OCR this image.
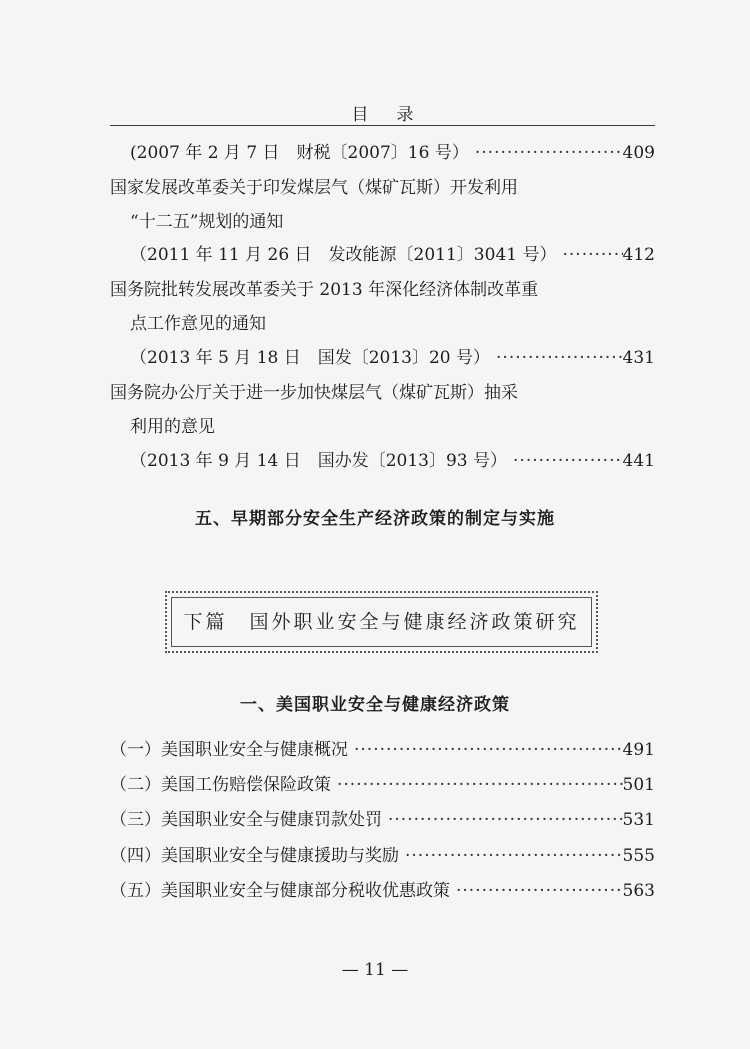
目录
(2007 年 2 月 7 日　财税〔2007〕16 号） ·····	409
国家发展改革委关于印发煤层气（煤矿瓦斯）开发利用
“十二五”规划的通知
（2011 年 11 月 26 日　发改能源〔2011〕3041 号） ·····	412
国务院批转发展改革委关于 2013 年深化经济体制改革重
点工作意见的通知
（2013 年 5 月 18 日　国发〔2013〕20 号） ·····	431
国务院办公厅关于进一步加快煤层气（煤矿瓦斯）抽采
利用的意见
（2013 年 9 月 14 日　国办发〔2013〕93 号） ·····	441
五、早期部分安全生产经济政策的制定与实施
下篇　国外职业安全与健康经济政策研究
一、美国职业安全与健康经济政策
（一）美国职业安全与健康概况 ·····	491
（二）美国工伤赔偿保险政策 ·····	501
（三）美国职业安全与健康罚款处罚 ·····	531
（四）美国职业安全与健康援助与奖励 ·····	555
（五）美国职业安全与健康部分税收优惠政策 ·····	563
— 11 —
